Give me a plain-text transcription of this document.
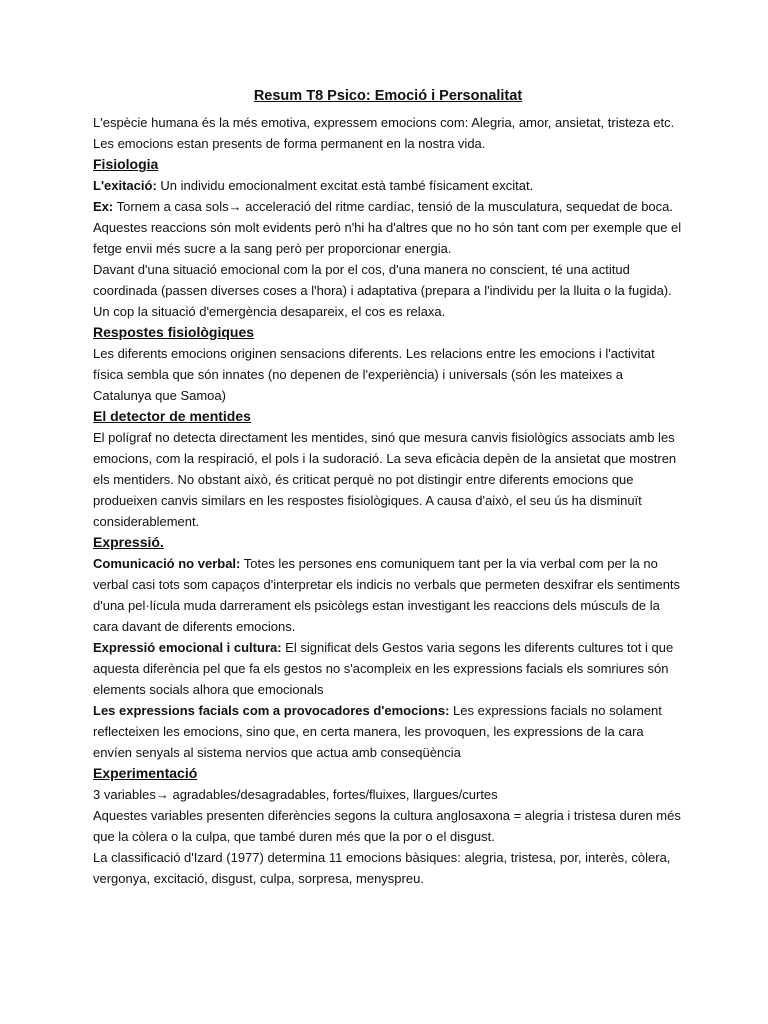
Resum T8 Psico: Emoció i Personalitat

L'espècie humana és la més emotiva, expressem emocions com: Alegria, amor, ansietat, tristeza etc.

Les emocions estan presents de forma permanent en la nostra vida.

Fisiologia

L'exitació: Un individu emocionalment excitat està també físicament excitat.

Ex: Tornem a casa sols→ acceleració del ritme cardíac, tensió de la musculatura, sequedat de boca. Aquestes reaccions són molt evidents però n'hi ha d'altres que no ho són tant com per exemple que el fetge envii més sucre a la sang però per proporcionar energia.

Davant d'una situació emocional com la por el cos, d'una manera no conscient, té una actitud coordinada (passen diverses coses a l'hora) i adaptativa (prepara a l'individu per la lluita o la fugida). Un cop la situació d'emergència desapareix, el cos es relaxa.

Respostes fisiològiques

Les diferents emocions originen sensacions diferents. Les relacions entre les emocions i l'activitat física sembla que són innates (no depenen de l'experiència) i universals (són les mateixes a Catalunya que Samoa)

El detector de mentides

El polígraf no detecta directament les mentides, sinó que mesura canvis fisiològics associats amb les emocions, com la respiració, el pols i la sudoració. La seva eficàcia depèn de la ansietat que mostren els mentiders. No obstant això, és criticat perquè no pot distingir entre diferents emocions que produeixen canvis similars en les respostes fisiològiques. A causa d'això, el seu ús ha disminuït considerablement.

Expressió.

Comunicació no verbal: Totes les persones ens comuniquem tant per la via verbal com per la no verbal casi tots som capaços d'interpretar els indicis no verbals que permeten desxifrar els sentiments d'una pel·lícula muda darrerament els psicòlegs estan investigant les reaccions dels músculs de la cara davant de diferents emocions.

Expressió emocional i cultura: El significat dels Gestos varia segons les diferents cultures tot i que aquesta diferència pel que fa els gestos no s'acompleix en les expressions facials els somriures són elements socials alhora que emocionals

Les expressions facials com a provocadores d'emocions: Les expressions facials no solament reflecteixen les emocions, sino que, en certa manera, les provoquen, les expressions de la cara envíen senyals al sistema nervios que actua amb conseqüència

Experimentació

3 variables→ agradables/desagradables, fortes/fluixes, llargues/curtes

Aquestes variables presenten diferències segons la cultura anglosaxona = alegria i tristesa duren més que la còlera o la culpa, que també duren més que la por o el disgust.

La classificació d'Izard (1977) determina 11 emocions bàsiques: alegria, tristesa, por, interès, còlera, vergonya, excitació, disgust, culpa, sorpresa, menyspreu.
